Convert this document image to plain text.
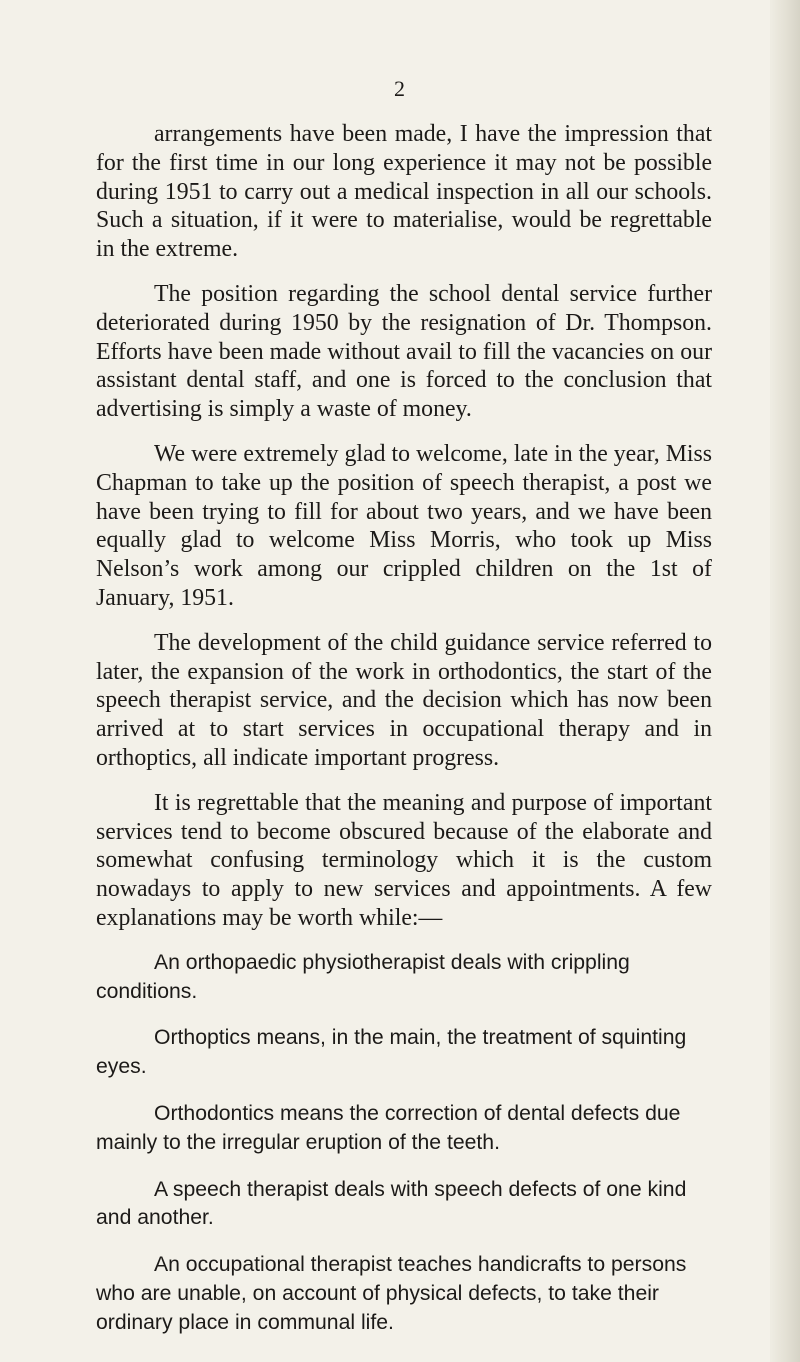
2

arrangements have been made, I have the impression that for the first time in our long experience it may not be possible during 1951 to carry out a medical inspection in all our schools. Such a situation, if it were to materialise, would be regrettable in the extreme.

The position regarding the school dental service further deteriorated during 1950 by the resignation of Dr. Thompson. Efforts have been made without avail to fill the vacancies on our assistant dental staff, and one is forced to the conclusion that advertising is simply a waste of money.

We were extremely glad to welcome, late in the year, Miss Chapman to take up the position of speech therapist, a post we have been trying to fill for about two years, and we have been equally glad to welcome Miss Morris, who took up Miss Nelson’s work among our crippled children on the 1st of January, 1951.

The development of the child guidance service referred to later, the expansion of the work in orthodontics, the start of the speech therapist service, and the decision which has now been arrived at to start services in occupational therapy and in orthoptics, all indicate important progress.

It is regrettable that the meaning and purpose of important services tend to become obscured because of the elaborate and somewhat confusing terminology which it is the custom nowadays to apply to new services and appointments. A few explanations may be worth while:—

An orthopaedic physiotherapist deals with crippling conditions.

Orthoptics means, in the main, the treatment of squinting eyes.

Orthodontics means the correction of dental defects due mainly to the irregular eruption of the teeth.

A speech therapist deals with speech defects of one kind and another.

An occupational therapist teaches handicrafts to persons who are unable, on account of physical defects, to take their ordinary place in communal life.
